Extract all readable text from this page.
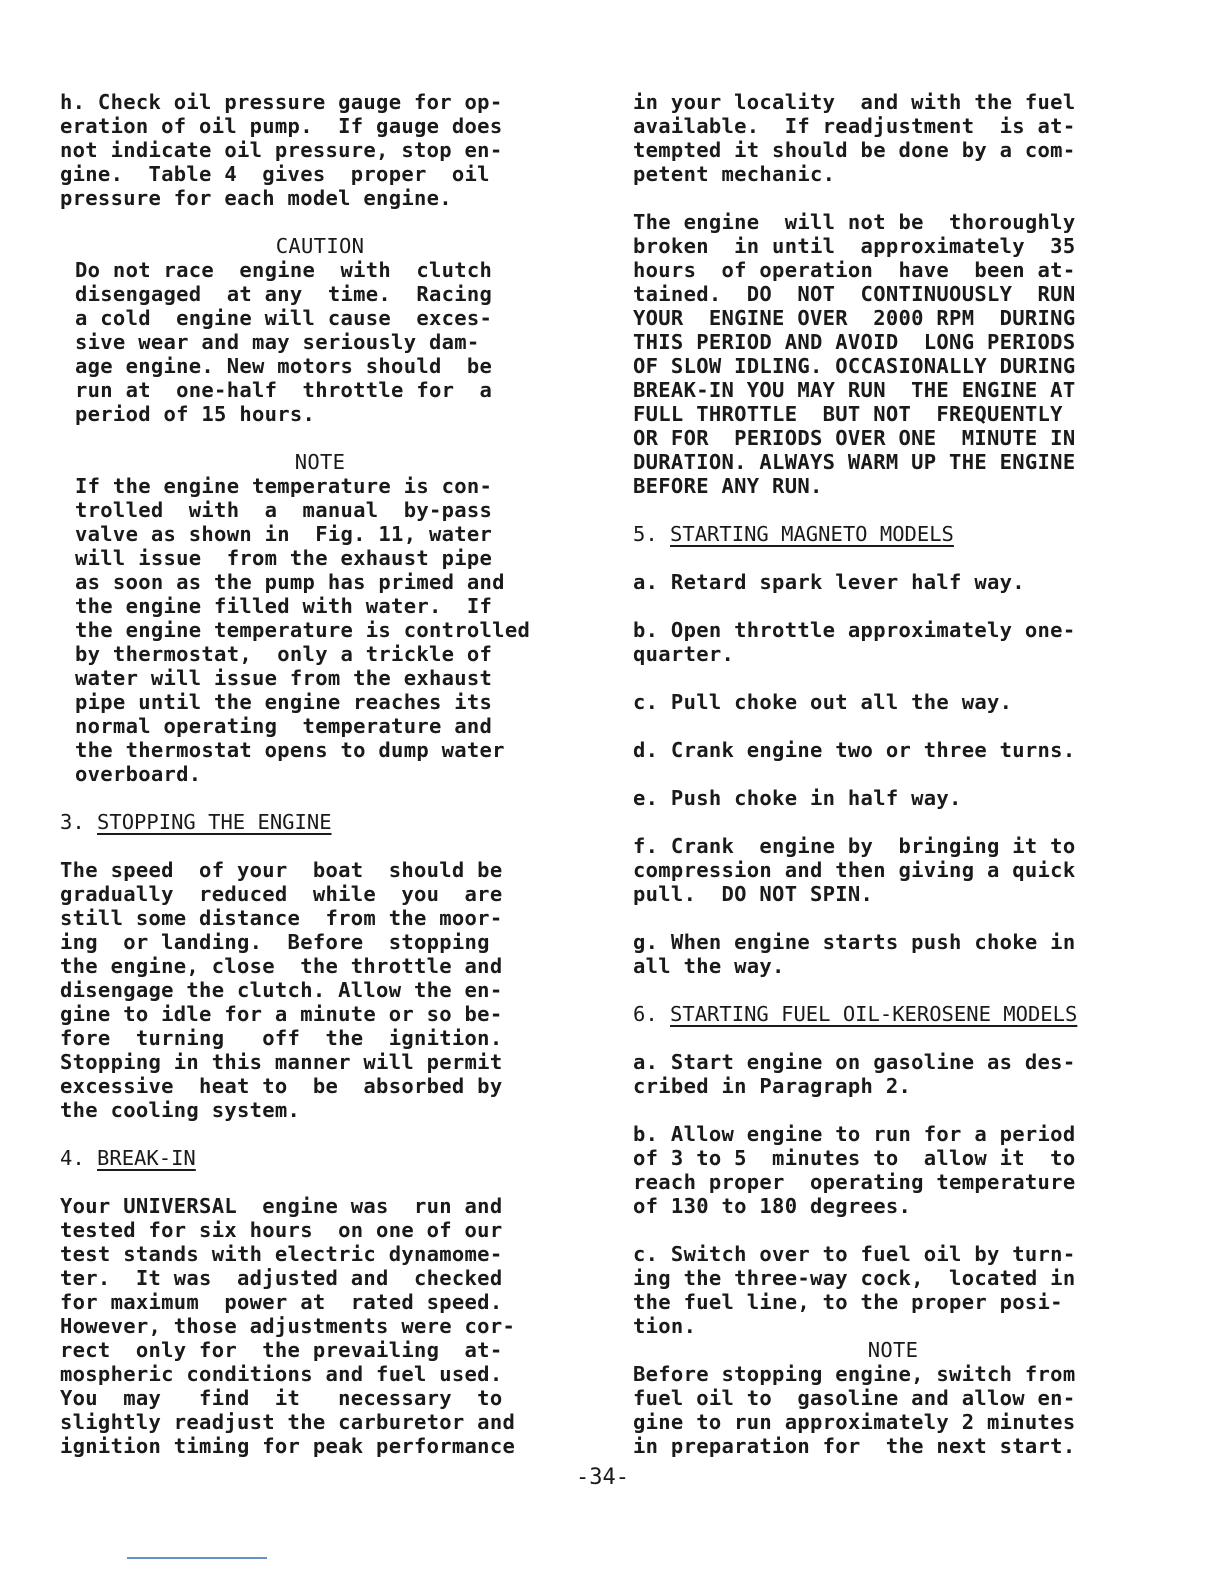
h. Check oil pressure gauge for op-
eration of oil pump.  If gauge does
not indicate oil pressure, stop en-
gine.  Table 4  gives  proper  oil
pressure for each model engine.
CAUTION
Do not race  engine  with  clutch
disengaged  at any  time.  Racing
a cold  engine will cause  exces-
sive wear and may seriously dam-
age engine. New motors should  be
run at  one-half  throttle for  a
period of 15 hours.
NOTE
If the engine temperature is con-
trolled  with  a  manual  by-pass
valve as shown in  Fig. 11, water
will issue  from the exhaust pipe
as soon as the pump has primed and
the engine filled with water.  If
the engine temperature is controlled
by thermostat,  only a trickle of
water will issue from the exhaust
pipe until the engine reaches its
normal operating  temperature and
the thermostat opens to dump water
overboard.
3. STOPPING THE ENGINE
The speed  of your  boat  should be
gradually  reduced  while  you  are
still some distance  from the moor-
ing  or landing.  Before  stopping
the engine, close  the throttle and
disengage the clutch. Allow the en-
gine to idle for a minute or so be-
fore  turning   off  the  ignition.
Stopping in this manner will permit
excessive  heat to  be  absorbed by
the cooling system.
4. BREAK-IN
Your UNIVERSAL  engine was  run and
tested for six hours  on one of our
test stands with electric dynamome-
ter.  It was  adjusted and  checked
for maximum  power at  rated speed.
However, those adjustments were cor-
rect  only for  the prevailing  at-
mospheric conditions and fuel used.
You  may   find  it   necessary  to
slightly readjust the carburetor and
ignition timing for peak performance
in your locality  and with the fuel
available.  If readjustment  is at-
tempted it should be done by a com-
petent mechanic.
The engine  will not be  thoroughly
broken  in until  approximately  35
hours  of operation  have  been at-
tained.  DO  NOT  CONTINUOUSLY  RUN
YOUR  ENGINE OVER  2000 RPM  DURING
THIS PERIOD AND AVOID  LONG PERIODS
OF SLOW IDLING. OCCASIONALLY DURING
BREAK-IN YOU MAY RUN  THE ENGINE AT
FULL THROTTLE  BUT NOT  FREQUENTLY
OR FOR  PERIODS OVER ONE  MINUTE IN
DURATION. ALWAYS WARM UP THE ENGINE
BEFORE ANY RUN.
5. STARTING MAGNETO MODELS
a. Retard spark lever half way.
b. Open throttle approximately one-
quarter.
c. Pull choke out all the way.
d. Crank engine two or three turns.
e. Push choke in half way.
f. Crank  engine by  bringing it to
compression and then giving a quick
pull.  DO NOT SPIN.
g. When engine starts push choke in
all the way.
6. STARTING FUEL OIL-KEROSENE MODELS
a. Start engine on gasoline as des-
cribed in Paragraph 2.
b. Allow engine to run for a period
of 3 to 5  minutes to  allow it  to
reach proper  operating temperature
of 130 to 180 degrees.
c. Switch over to fuel oil by turn-
ing the three-way cock,  located in
the fuel line, to the proper posi-
tion.
NOTE
Before stopping engine, switch from
fuel oil to  gasoline and allow en-
gine to run approximately 2 minutes
in preparation for  the next start.
-34-
